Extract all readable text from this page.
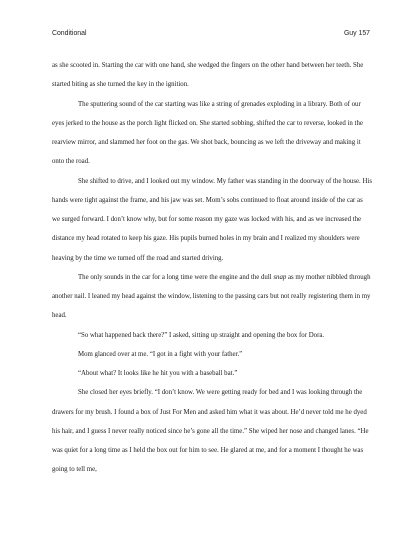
Conditional	Guy 157

as she scooted in. Starting the car with one hand, she wedged the fingers on the other hand between her teeth. She started biting as she turned the key in the ignition.

The sputtering sound of the car starting was like a string of grenades exploding in a library. Both of our eyes jerked to the house as the porch light flicked on. She started sobbing, shifted the car to reverse, looked in the rearview mirror, and slammed her foot on the gas. We shot back, bouncing as we left the driveway and making it onto the road.

She shifted to drive, and I looked out my window. My father was standing in the doorway of the house. His hands were tight against the frame, and his jaw was set. Mom’s sobs continued to float around inside of the car as we surged forward. I don’t know why, but for some reason my gaze was locked with his, and as we increased the distance my head rotated to keep his gaze. His pupils burned holes in my brain and I realized my shoulders were heaving by the time we turned off the road and started driving.

The only sounds in the car for a long time were the engine and the dull snap as my mother nibbled through another nail. I leaned my head against the window, listening to the passing cars but not really registering them in my head.

“So what happened back there?” I asked, sitting up straight and opening the box for Dora.

Mom glanced over at me. “I got in a fight with your father.”

“About what? It looks like he hit you with a baseball bat.”

She closed her eyes briefly. “I don’t know. We were getting ready for bed and I was looking through the drawers for my brush. I found a box of Just For Men and asked him what it was about. He’d never told me he dyed his hair, and I guess I never really noticed since he’s gone all the time.” She wiped her nose and changed lanes. “He was quiet for a long time as I held the box out for him to see. He glared at me, and for a moment I thought he was going to tell me,
